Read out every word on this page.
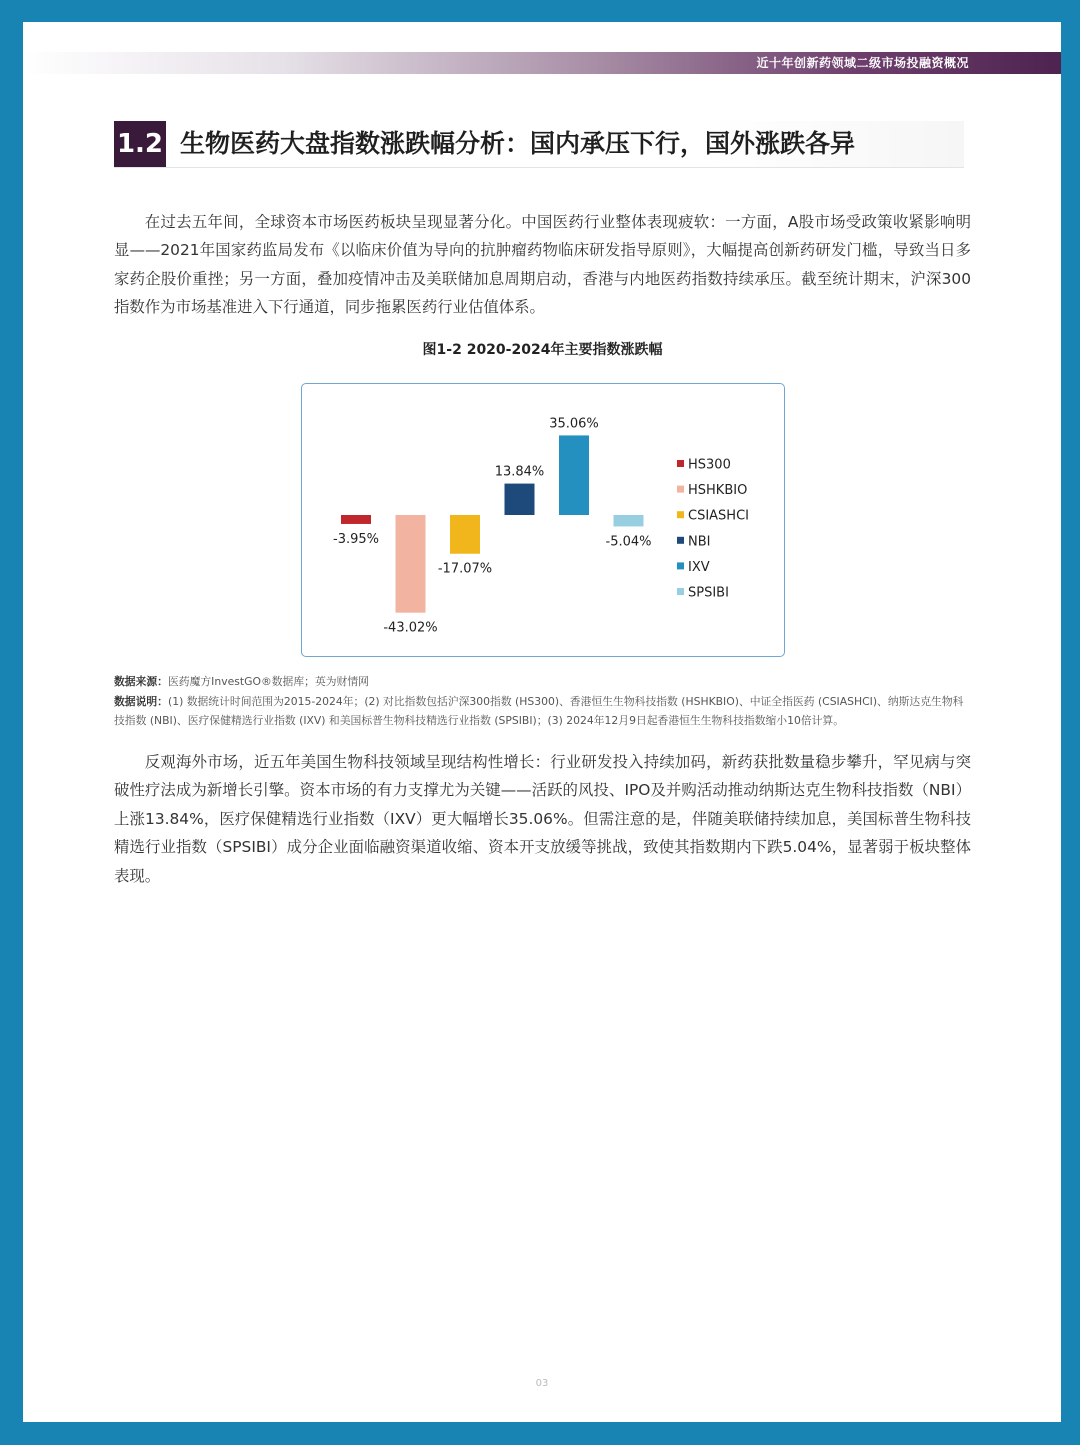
近十年创新药领域二级市场投融资概况
1.2 生物医药大盘指数涨跌幅分析：国内承压下行，国外涨跌各异

在过去五年间，全球资本市场医药板块呈现显著分化。中国医药行业整体表现疲软：一方面，A股市场受政策收紧影响明显——2021年国家药监局发布《以临床价值为导向的抗肿瘤药物临床研发指导原则》，大幅提高创新药研发门槛，导致当日多家药企股价重挫；另一方面，叠加疫情冲击及美联储加息周期启动，香港与内地医药指数持续承压。截至统计期末，沪深300指数作为市场基准进入下行通道，同步拖累医药行业估值体系。

图1-2 2020-2024年主要指数涨跌幅
-3.95%
-43.02%
-17.07%
13.84%
35.06%
-5.04%
HS300
HSHKBIO
CSIASHCI
NBI
IXV
SPSIBI

数据来源：医药魔方InvestGO®数据库；英为财情网

数据说明：(1) 数据统计时间范围为2015-2024年；(2) 对比指数包括沪深300指数 (HS300)、香港恒生生物科技指数 (HSHKBIO)、中证全指医药 (CSIASHCI)、纳斯达克生物科技指数 (NBI)、医疗保健精选行业指数 (IXV) 和美国标普生物科技精选行业指数 (SPSIBI)；(3) 2024年12月9日起香港恒生生物科技指数缩小10倍计算。

反观海外市场，近五年美国生物科技领域呈现结构性增长：行业研发投入持续加码，新药获批数量稳步攀升，罕见病与突破性疗法成为新增长引擎。资本市场的有力支撑尤为关键——活跃的风投、IPO及并购活动推动纳斯达克生物科技指数（NBI）上涨13.84%，医疗保健精选行业指数（IXV）更大幅增长35.06%。但需注意的是，伴随美联储持续加息，美国标普生物科技精选行业指数（SPSIBI）成分企业面临融资渠道收缩、资本开支放缓等挑战，致使其指数期内下跌5.04%，显著弱于板块整体表现。

03
